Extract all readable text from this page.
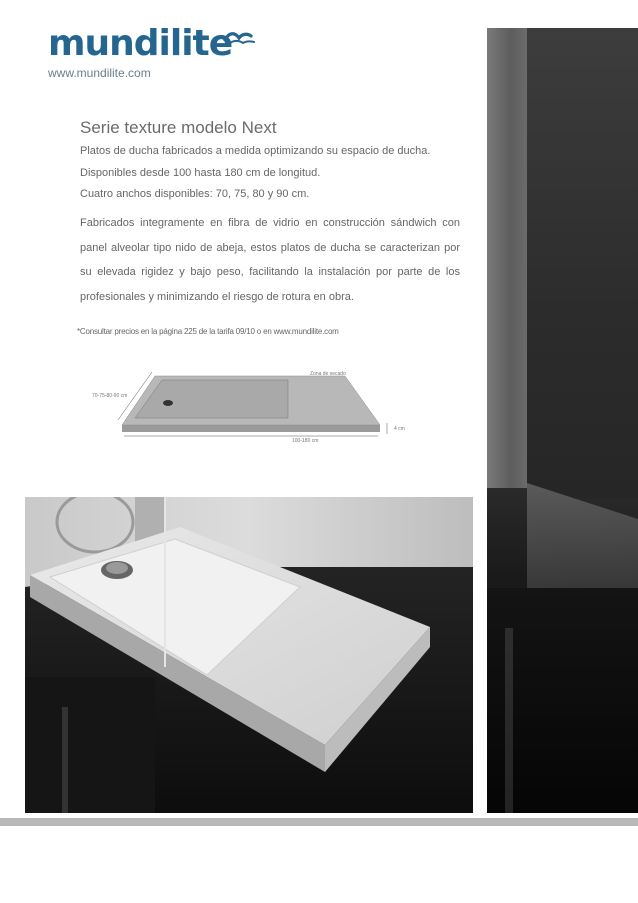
mundilite
www.mundilite.com
Serie texture modelo Next
Platos de ducha fabricados a medida optimizando su espacio de ducha.
Disponibles desde 100 hasta 180 cm de longitud.
Cuatro anchos disponibles: 70, 75, 80 y 90 cm.

Fabricados integramente en fibra de vidrio en construcción sándwich con panel alveolar tipo nido de abeja, estos platos de ducha se caracterizan por su elevada rigidez y bajo peso, facilitando la instalación por parte de los profesionales y minimizando el riesgo de rotura en obra.

*Consultar precios en la página 225 de la tarifa 09/10 o en www.mundilite.com
Zona de secado
70-75-80-90 cm
100-180 cm
4 cm
